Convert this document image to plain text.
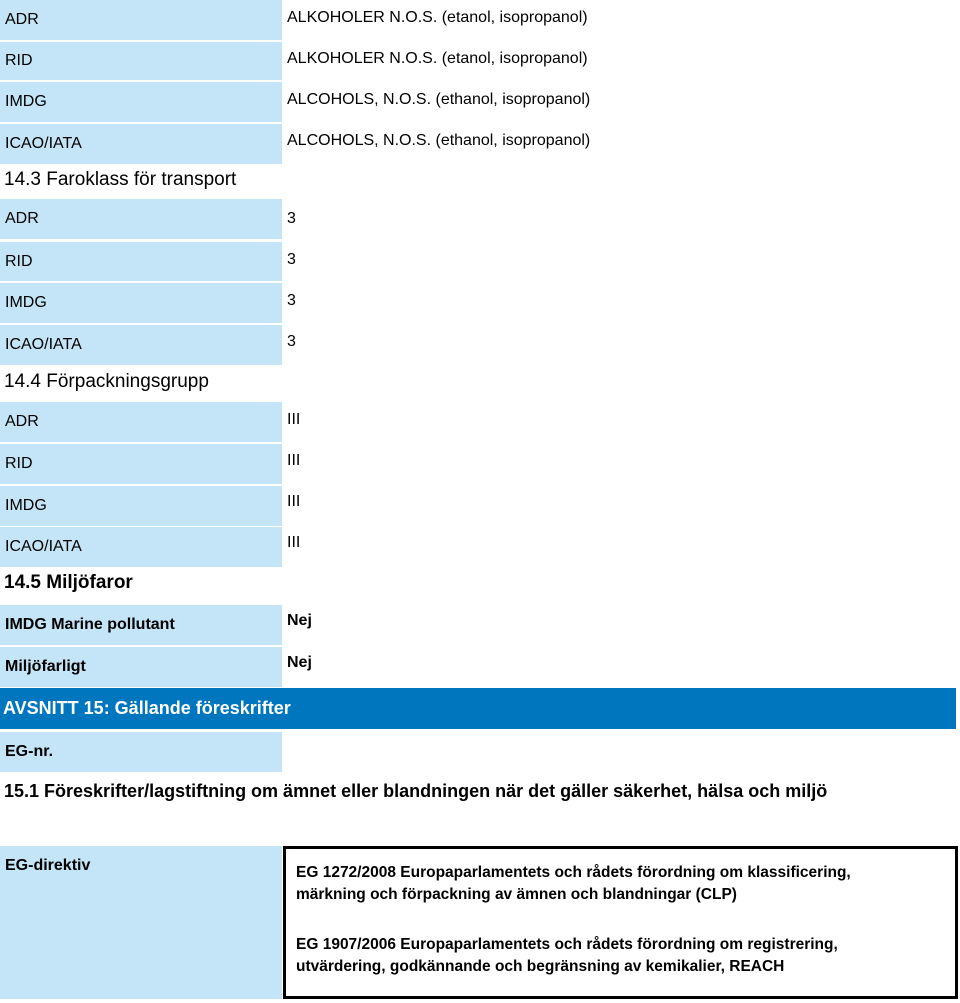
ADR	ALKOHOLER N.O.S. (etanol, isopropanol)
RID	ALKOHOLER N.O.S. (etanol, isopropanol)
IMDG	ALCOHOLS, N.O.S. (ethanol, isopropanol)
ICAO/IATA	ALCOHOLS, N.O.S. (ethanol, isopropanol)
14.3 Faroklass för transport
ADR	3
RID	3
IMDG	3
ICAO/IATA	3
14.4 Förpackningsgrupp
ADR	III
RID	III
IMDG	III
ICAO/IATA	III
14.5 Miljöfaror
IMDG Marine pollutant	Nej
Miljöfarligt	Nej
AVSNITT 15: Gällande föreskrifter
EG-nr.
15.1 Föreskrifter/lagstiftning om ämnet eller blandningen när det gäller säkerhet, hälsa och miljö
EG-direktiv	EG 1272/2008 Europaparlamentets och rådets förordning om klassificering,
märkning och förpackning av ämnen och blandningar (CLP)
EG 1907/2006 Europaparlamentets och rådets förordning om registrering,
utvärdering, godkännande och begränsning av kemikalier, REACH
